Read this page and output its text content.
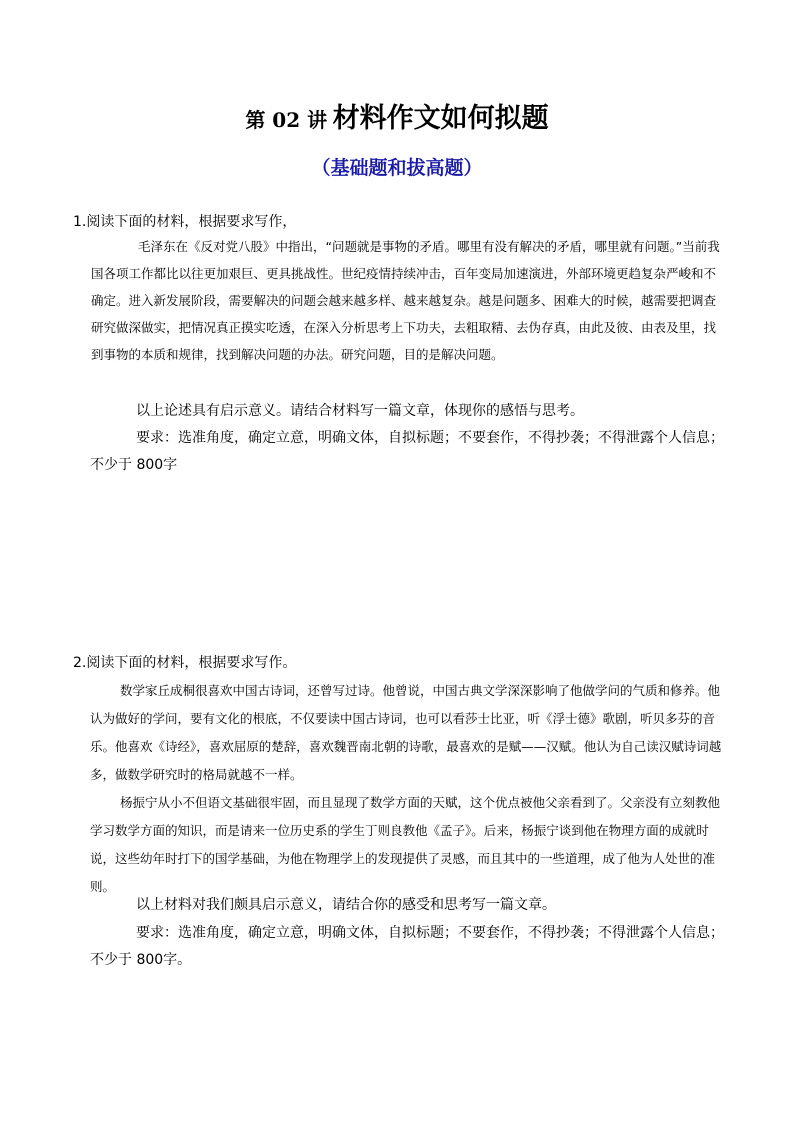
第 02 讲 材料作文如何拟题
（基础题和拔高题）
1.阅读下面的材料，根据要求写作，

毛泽东在《反对党八股》中指出，“问题就是事物的矛盾。哪里有没有解决的矛盾，哪里就有问题。”当前我国各项工作都比以往更加艰巨、更具挑战性。世纪疫情持续冲击，百年变局加速演进，外部环境更趋复杂严峻和不确定。进入新发展阶段，需要解决的问题会越来越多样、越来越复杂。越是问题多、困难大的时候，越需要把调查研究做深做实，把情况真正摸实吃透，在深入分析思考上下功夫，去粗取精、去伪存真，由此及彼、由表及里，找到事物的本质和规律，找到解决问题的办法。研究问题，目的是解决问题。

以上论述具有启示意义。请结合材料写一篇文章，体现你的感悟与思考。

要求：选准角度，确定立意，明确文体，自拟标题；不要套作，不得抄袭；不得泄露个人信息；不少于 800字

2.阅读下面的材料，根据要求写作。

数学家丘成桐很喜欢中国古诗词，还曾写过诗。他曾说，中国古典文学深深影响了他做学问的气质和修养。他认为做好的学问，要有文化的根底，不仅要读中国古诗词，也可以看莎士比亚，听《浮士德》歌剧，听贝多芬的音乐。他喜欢《诗经》，喜欢屈原的楚辞，喜欢魏晋南北朝的诗歌，最喜欢的是赋——汉赋。他认为自己读汉赋诗词越多，做数学研究时的格局就越不一样。

杨振宁从小不但语文基础很牢固，而且显现了数学方面的天赋，这个优点被他父亲看到了。父亲没有立刻教他学习数学方面的知识，而是请来一位历史系的学生丁则良教他《孟子》。后来，杨振宁谈到他在物理方面的成就时说，这些幼年时打下的国学基础，为他在物理学上的发现提供了灵感，而且其中的一些道理，成了他为人处世的准则。

以上材料对我们颇具启示意义，请结合你的感受和思考写一篇文章。

要求：选准角度，确定立意，明确文体，自拟标题；不要套作，不得抄袭；不得泄露个人信息；不少于 800字。
